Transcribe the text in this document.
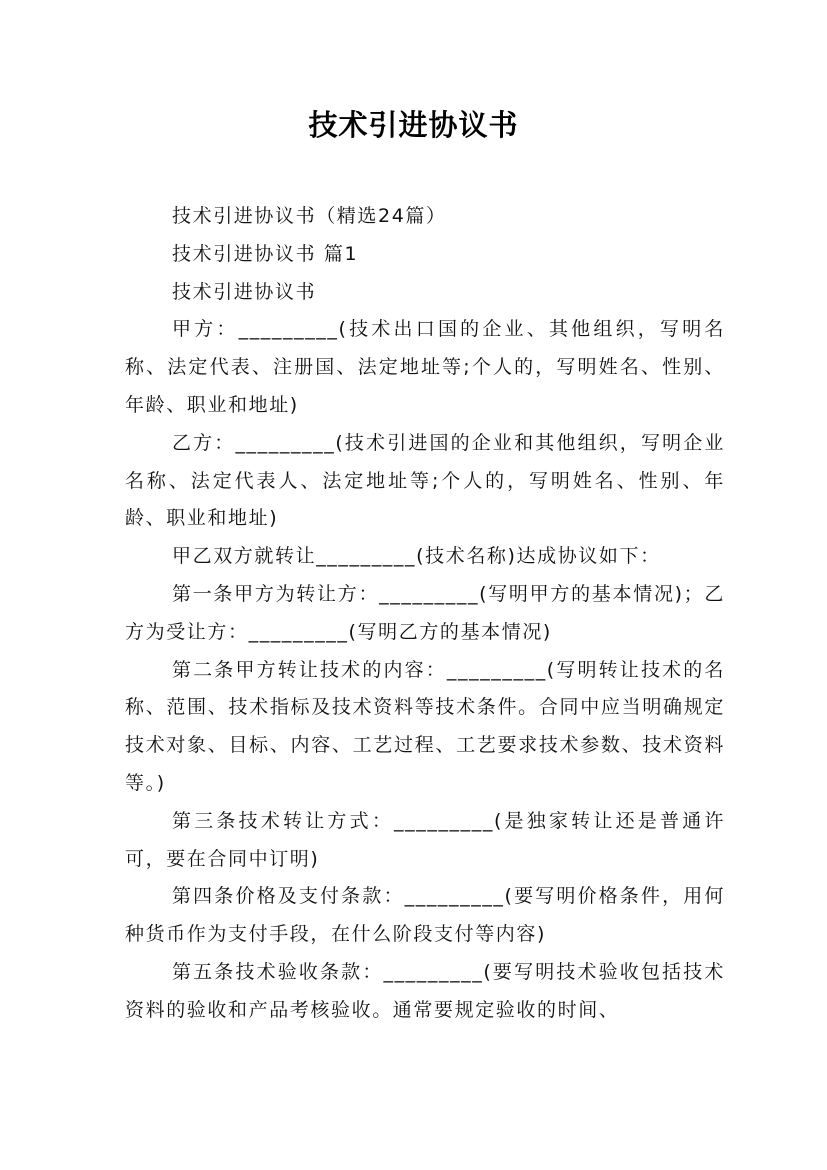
技术引进协议书

技术引进协议书（精选24篇）

技术引进协议书 篇1

技术引进协议书

甲方：_________(技术出口国的企业、其他组织，写明名称、法定代表、注册国、法定地址等;个人的，写明姓名、性别、年龄、职业和地址)

乙方：_________(技术引进国的企业和其他组织，写明企业名称、法定代表人、法定地址等;个人的，写明姓名、性别、年龄、职业和地址)

甲乙双方就转让_________(技术名称)达成协议如下：

第一条甲方为转让方：_________(写明甲方的基本情况)；乙方为受让方：_________(写明乙方的基本情况)

第二条甲方转让技术的内容：_________(写明转让技术的名称、范围、技术指标及技术资料等技术条件。合同中应当明确规定技术对象、目标、内容、工艺过程、工艺要求技术参数、技术资料等。)

第三条技术转让方式：_________(是独家转让还是普通许可，要在合同中订明)

第四条价格及支付条款：_________(要写明价格条件，用何种货币作为支付手段，在什么阶段支付等内容)

第五条技术验收条款：_________(要写明技术验收包括技术资料的验收和产品考核验收。通常要规定验收的时间、
